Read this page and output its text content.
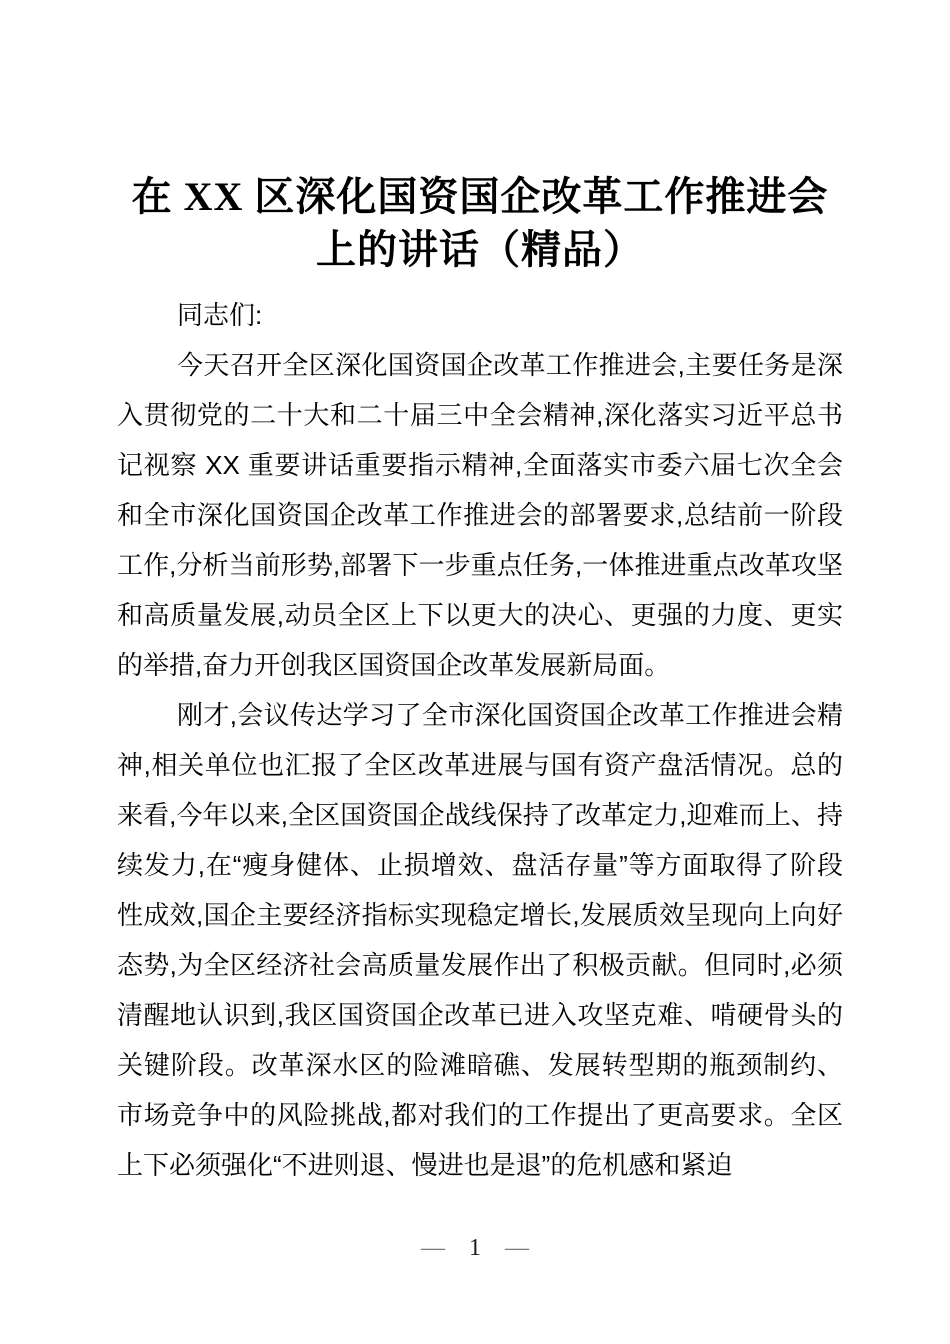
在 XX 区深化国资国企改革工作推进会
上的讲话（精品）

同志们:

今天召开全区深化国资国企改革工作推进会,主要任务是深入贯彻党的二十大和二十届三中全会精神,深化落实习近平总书记视察 XX 重要讲话重要指示精神,全面落实市委六届七次全会和全市深化国资国企改革工作推进会的部署要求,总结前一阶段工作,分析当前形势,部署下一步重点任务,一体推进重点改革攻坚和高质量发展,动员全区上下以更大的决心、更强的力度、更实的举措,奋力开创我区国资国企改革发展新局面。

刚才,会议传达学习了全市深化国资国企改革工作推进会精神,相关单位也汇报了全区改革进展与国有资产盘活情况。总的来看,今年以来,全区国资国企战线保持了改革定力,迎难而上、持续发力,在“瘦身健体、止损增效、盘活存量”等方面取得了阶段性成效,国企主要经济指标实现稳定增长,发展质效呈现向上向好态势,为全区经济社会高质量发展作出了积极贡献。但同时,必须清醒地认识到,我区国资国企改革已进入攻坚克难、啃硬骨头的关键阶段。改革深水区的险滩暗礁、发展转型期的瓶颈制约、市场竞争中的风险挑战,都对我们的工作提出了更高要求。全区上下必须强化“不进则退、慢进也是退”的危机感和紧迫

— 1 —
